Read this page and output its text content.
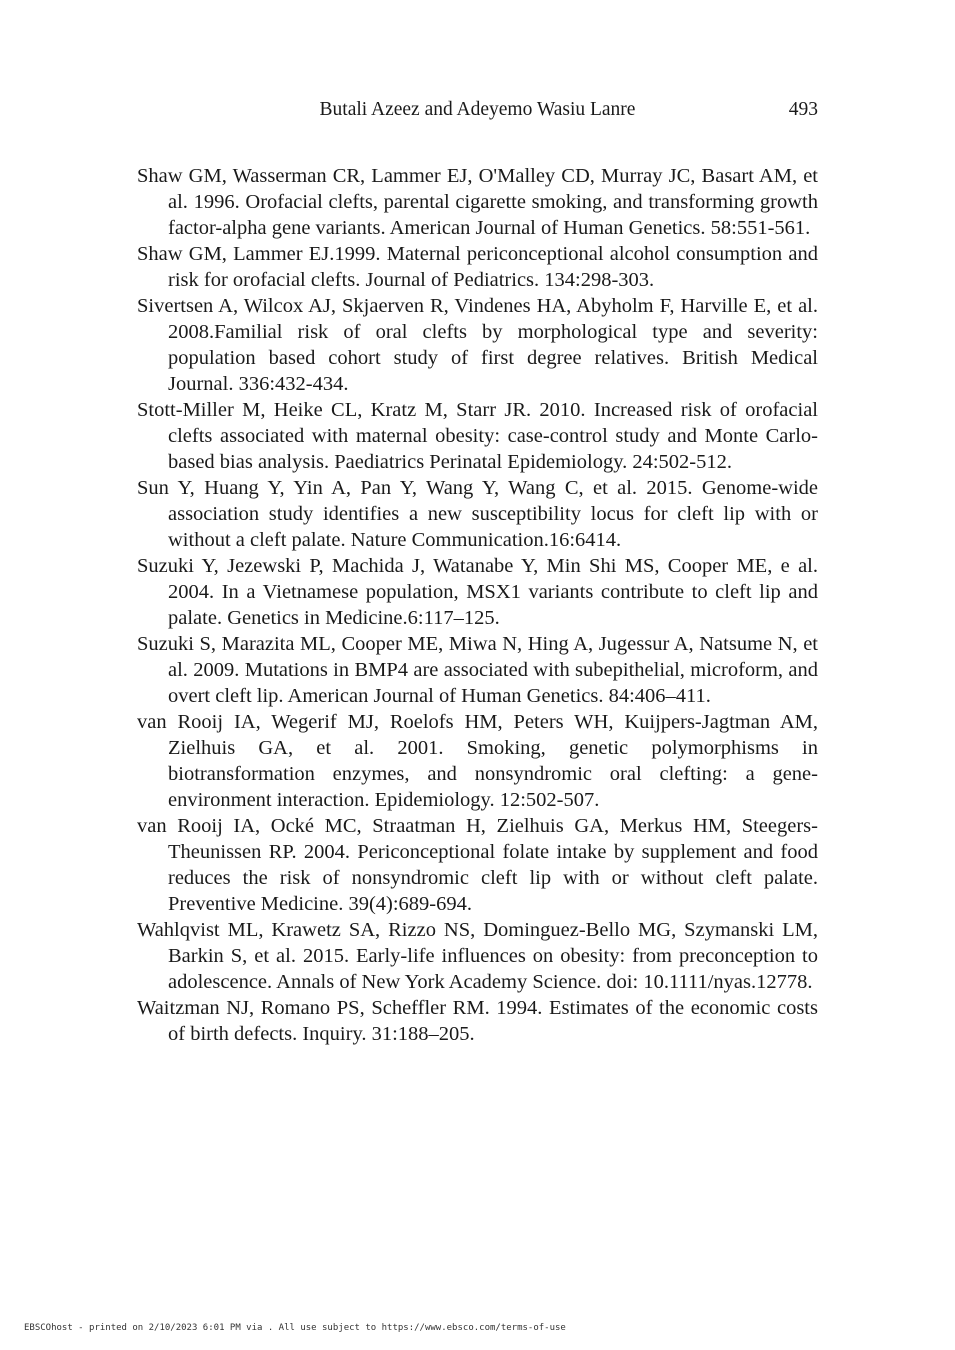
Butali Azeez and Adeyemo Wasiu Lanre	493
Shaw GM, Wasserman CR, Lammer EJ, O'Malley CD, Murray JC, Basart AM, et al. 1996. Orofacial clefts, parental cigarette smoking, and transforming growth factor-alpha gene variants. American Journal of Human Genetics. 58:551-561.
Shaw GM, Lammer EJ.1999. Maternal periconceptional alcohol consumption and risk for orofacial clefts. Journal of Pediatrics. 134:298-303.
Sivertsen A, Wilcox AJ, Skjaerven R, Vindenes HA, Abyholm F, Harville E, et al. 2008.Familial risk of oral clefts by morphological type and severity: population based cohort study of first degree relatives. British Medical Journal. 336:432-434.
Stott-Miller M, Heike CL, Kratz M, Starr JR. 2010. Increased risk of orofacial clefts associated with maternal obesity: case-control study and Monte Carlo-based bias analysis. Paediatrics Perinatal Epidemiology. 24:502-512.
Sun Y, Huang Y, Yin A, Pan Y, Wang Y, Wang C, et al. 2015. Genome-wide association study identifies a new susceptibility locus for cleft lip with or without a cleft palate. Nature Communication.16:6414.
Suzuki Y, Jezewski P, Machida J, Watanabe Y, Min Shi MS, Cooper ME, e al. 2004. In a Vietnamese population, MSX1 variants contribute to cleft lip and palate. Genetics in Medicine.6:117–125.
Suzuki S, Marazita ML, Cooper ME, Miwa N, Hing A, Jugessur A, Natsume N, et al. 2009. Mutations in BMP4 are associated with subepithelial, microform, and overt cleft lip. American Journal of Human Genetics. 84:406–411.
van Rooij IA, Wegerif MJ, Roelofs HM, Peters WH, Kuijpers-Jagtman AM, Zielhuis GA, et al. 2001. Smoking, genetic polymorphisms in biotransformation enzymes, and nonsyndromic oral clefting: a gene-environment interaction. Epidemiology. 12:502-507.
van Rooij IA, Ocké MC, Straatman H, Zielhuis GA, Merkus HM, Steegers-Theunissen RP. 2004. Periconceptional folate intake by supplement and food reduces the risk of nonsyndromic cleft lip with or without cleft palate. Preventive Medicine. 39(4):689-694.
Wahlqvist ML, Krawetz SA, Rizzo NS, Dominguez-Bello MG, Szymanski LM, Barkin S, et al. 2015. Early-life influences on obesity: from preconception to adolescence. Annals of New York Academy Science. doi: 10.1111/nyas.12778.
Waitzman NJ, Romano PS, Scheffler RM. 1994. Estimates of the economic costs of birth defects. Inquiry. 31:188–205.
EBSCOhost - printed on 2/10/2023 6:01 PM via . All use subject to https://www.ebsco.com/terms-of-use
